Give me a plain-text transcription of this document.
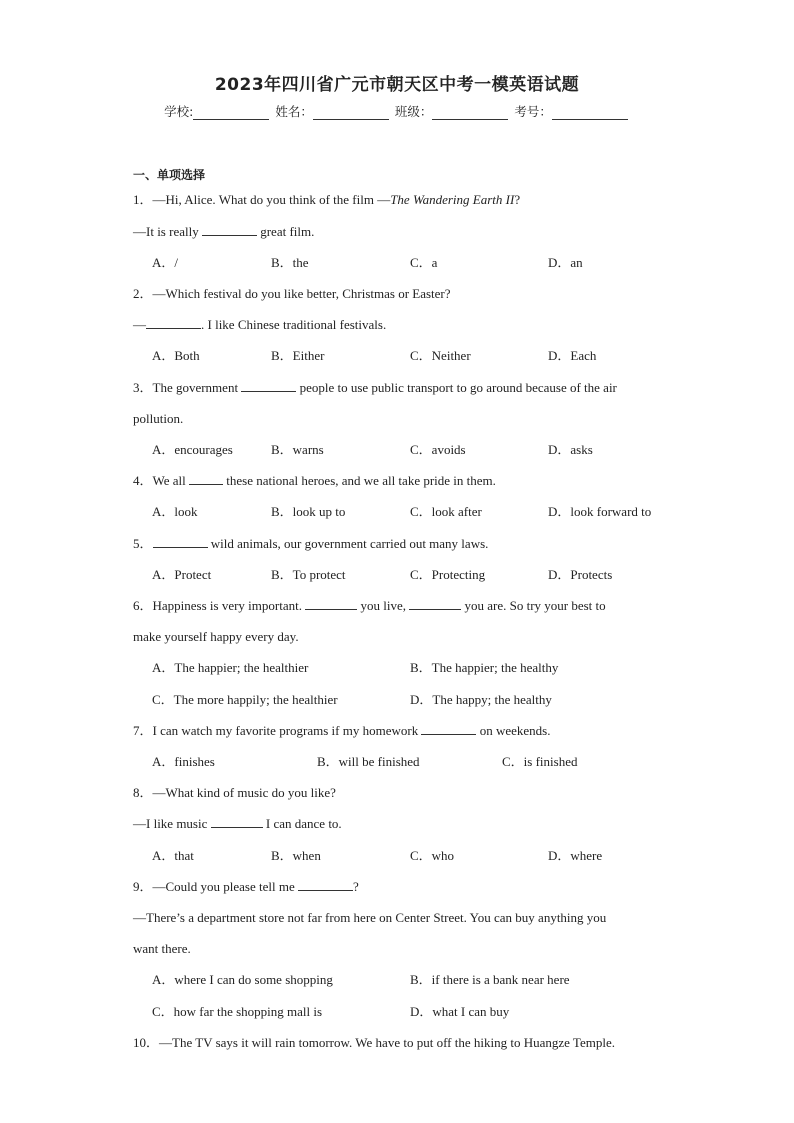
2023年四川省广元市朝天区中考一模英语试题
学校:	姓名：	班级：	考号：
一、单项选择
1．—Hi, Alice. What do you think of the film —The Wandering Earth II?
—It is really	great film.
A．/	B．the	C．a	D．an
2．—Which festival do you like better, Christmas or Easter?
—	. I like Chinese traditional festivals.
A．Both	B．Either	C．Neither	D．Each
3．The government	people to use public transport to go around because of the air
pollution.
A．encourages	B．warns	C．avoids	D．asks
4．We all	these national heroes, and we all take pride in them.
A．look	B．look up to	C．look after	D．look forward to
5．	wild animals, our government carried out many laws.
A．Protect	B．To protect	C．Protecting	D．Protects
6．Happiness is very important.	you live,	you are. So try your best to
make yourself happy every day.
A．The happier; the healthier	B．The happier; the healthy
C．The more happily; the healthier	D．The happy; the healthy
7．I can watch my favorite programs if my homework	on weekends.
A．finishes	B．will be finished	C．is finished
8．—What kind of music do you like?
—I like music	I can dance to.
A．that	B．when	C．who	D．where
9．—Could you please tell me	?
—There’s a department store not far from here on Center Street. You can buy anything you
want there.
A．where I can do some shopping	B．if there is a bank near here
C．how far the shopping mall is	D．what I can buy
10．—The TV says it will rain tomorrow. We have to put off the hiking to Huangze Temple.
